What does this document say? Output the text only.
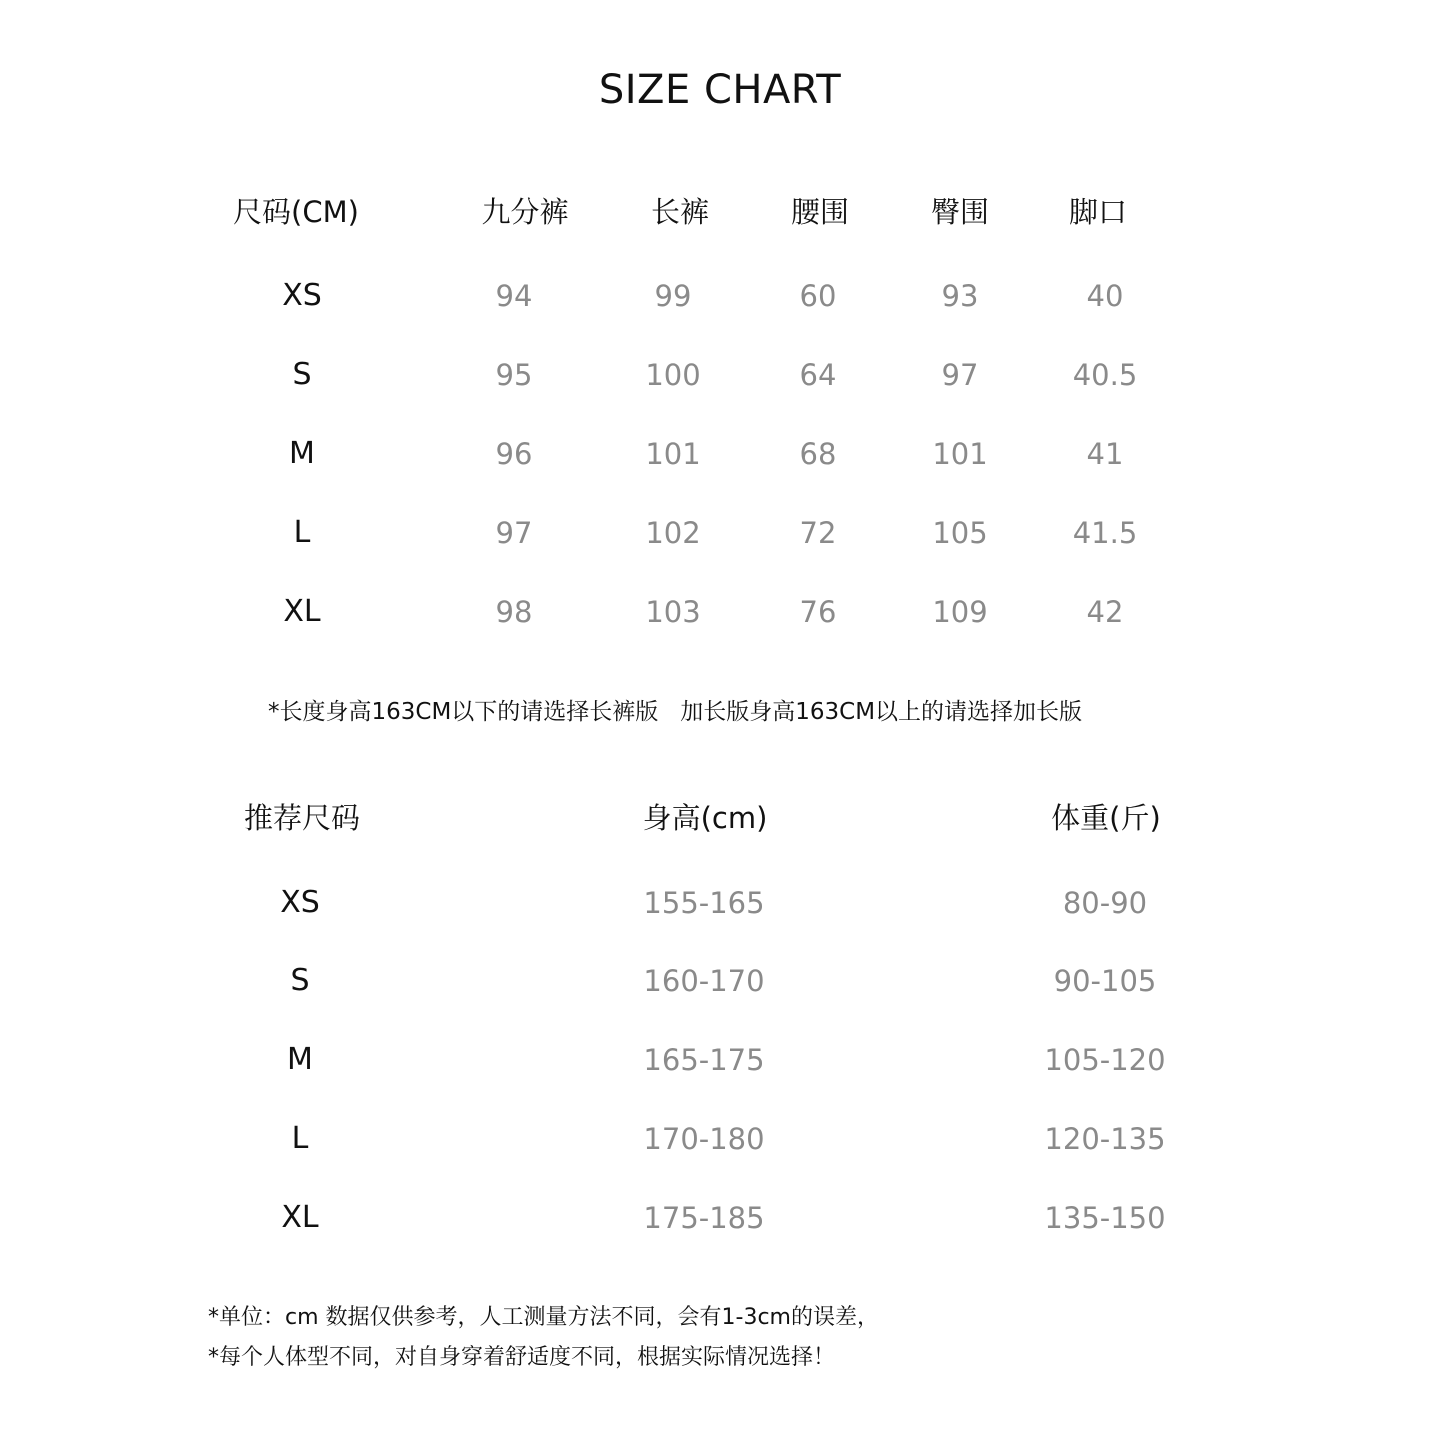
SIZE CHART
尺码(CM)	九分裤	长裤	腰围	臀围	脚口
XS	94	99	60	93	40
S	95	100	64	97	40.5
M	96	101	68	101	41
L	97	102	72	105	41.5
XL	98	103	76	109	42
*长度身高163CM以下的请选择长裤版   加长版身高163CM以上的请选择加长版
推荐尺码	身高(cm)	体重(斤)
XS	155-165	80-90
S	160-170	90-105
M	165-175	105-120
L	170-180	120-135
XL	175-185	135-150
*单位：cm 数据仅供参考，人工测量方法不同，会有1-3cm的误差，
*每个人体型不同，对自身穿着舒适度不同，根据实际情况选择！
